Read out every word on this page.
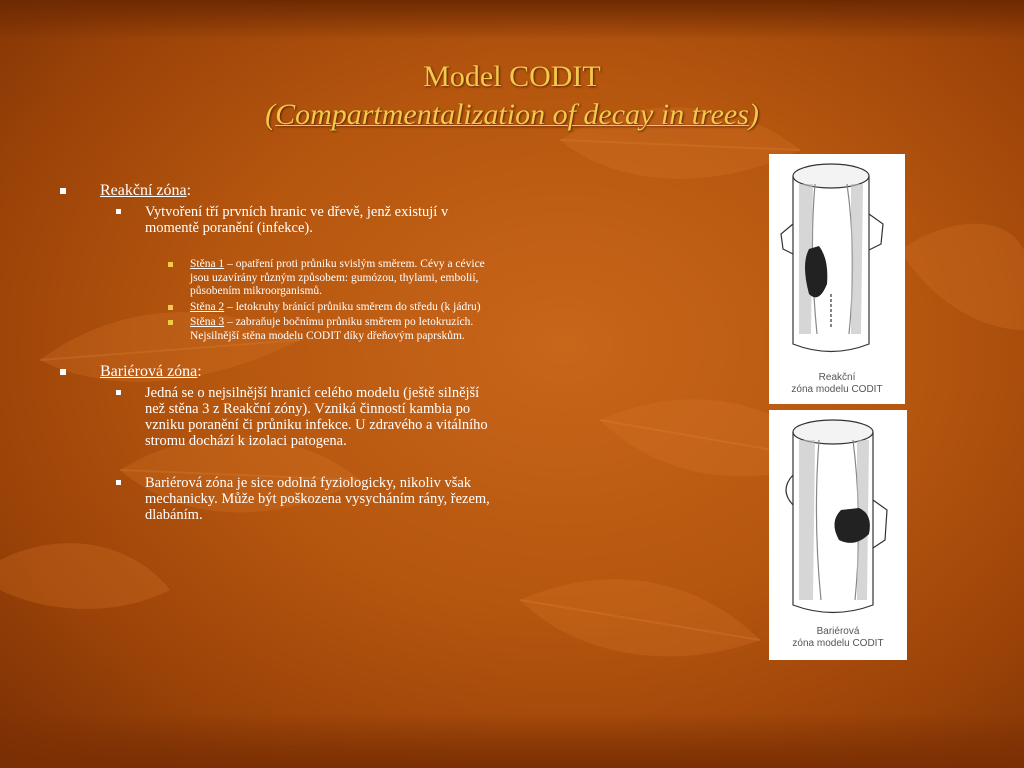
Model CODIT
(Compartmentalization of decay in trees)
Reakční zóna:
Vytvoření tří prvních hranic ve dřevě, jenž existují v momentě poranění (infekce).
Stěna 1 – opatření proti průniku svislým směrem. Cévy a cévice jsou uzavírány různým způsobem: gumózou, thylami, embolií, působením mikroorganismů.
Stěna 2 – letokruhy bránící průniku směrem do středu (k jádru)
Stěna 3 – zabraňuje bočnímu průniku směrem po letokruzích. Nejsilnější stěna modelu CODIT díky dřeňovým paprskům.
Bariérová zóna:
Jedná se o nejsilnější hranicí celého modelu (ještě silnější než stěna 3 z Reakční zóny). Vzniká činností kambia po vzniku poranění či průniku infekce. U zdravého a vitálního stromu dochází k izolaci patogena.
Bariérová zóna je sice odolná fyziologicky, nikoliv však mechanicky. Může být poškozena vysycháním rány, řezem, dlabáním.
Reakční
zóna modelu CODIT
Bariérová
zóna modelu CODIT
